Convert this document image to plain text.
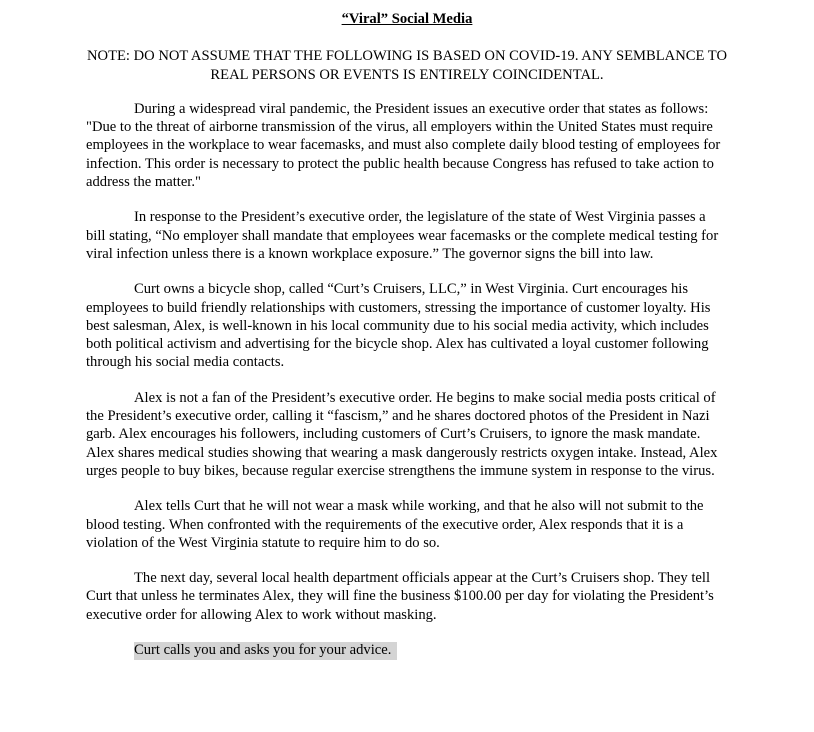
“Viral” Social Media
NOTE: DO NOT ASSUME THAT THE FOLLOWING IS BASED ON COVID-19. ANY SEMBLANCE TO REAL PERSONS OR EVENTS IS ENTIRELY COINCIDENTAL.

During a widespread viral pandemic, the President issues an executive order that states as follows: "Due to the threat of airborne transmission of the virus, all employers within the United States must require employees in the workplace to wear facemasks, and must also complete daily blood testing of employees for infection. This order is necessary to protect the public health because Congress has refused to take action to address the matter."

In response to the President’s executive order, the legislature of the state of West Virginia passes a bill stating, “No employer shall mandate that employees wear facemasks or the complete medical testing for viral infection unless there is a known workplace exposure.” The governor signs the bill into law.

Curt owns a bicycle shop, called “Curt’s Cruisers, LLC,” in West Virginia. Curt encourages his employees to build friendly relationships with customers, stressing the importance of customer loyalty. His best salesman, Alex, is well-known in his local community due to his social media activity, which includes both political activism and advertising for the bicycle shop. Alex has cultivated a loyal customer following through his social media contacts.

Alex is not a fan of the President’s executive order. He begins to make social media posts critical of the President’s executive order, calling it “fascism,” and he shares doctored photos of the President in Nazi garb. Alex encourages his followers, including customers of Curt’s Cruisers, to ignore the mask mandate. Alex shares medical studies showing that wearing a mask dangerously restricts oxygen intake. Instead, Alex urges people to buy bikes, because regular exercise strengthens the immune system in response to the virus.

Alex tells Curt that he will not wear a mask while working, and that he also will not submit to the blood testing. When confronted with the requirements of the executive order, Alex responds that it is a violation of the West Virginia statute to require him to do so.

The next day, several local health department officials appear at the Curt’s Cruisers shop. They tell Curt that unless he terminates Alex, they will fine the business $100.00 per day for violating the President’s executive order for allowing Alex to work without masking.

Curt calls you and asks you for your advice.
